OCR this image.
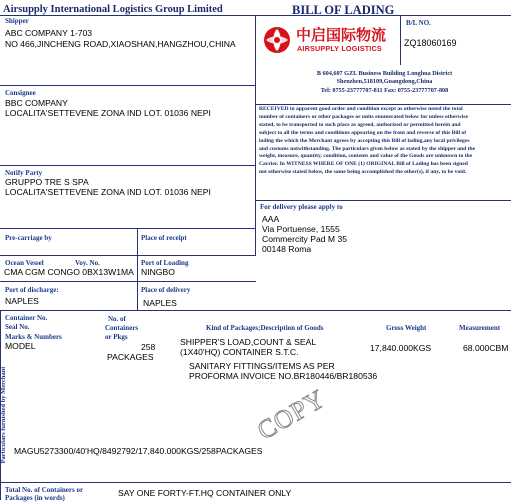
Airsupply International Logistics Group Limited	BILL OF LADING
B/L NO.
ZQ18060169
中启国际物流
AIRSUPPLY LOGISTICS
B 604,607 GZL Business Building Longhua District
Shenzhen,518109,Guangdong,China
Tel: 0755-23777707-811 Fax: 0755-23777707-808
Shipper
ABC COMPANY 1-703
NO 466,JINCHENG ROAD,XIAOSHAN,HANGZHOU,CHINA
Consignee
BBC COMPANY
LOCALITA'SETTEVENE ZONA IND LOT. 01036 NEPI
Notify Party
GRUPPO TRE S SPA
LOCALITA'SETTEVENE ZONA IND LOT. 01036 NEPI
RECEIVED in apparent good order and condition except as otherwise noted the total
number of containers or other packages or units enumerated below for unless otherwise
stated, to be transported to such place as agreed, authorized or permitted herein and
subject to all the terms and conditions appearing on the front and reverse of this Bill of
lading the which the Merchant agrees by accepting this Bill of lading,any local privileges
and customs notwithstanding. The particulars given below as stated by the shipper and the
weight, measure, quantity, condition, contents and value of the Goods are unknown to the
Carrier. In WITNESS WHERE OF ONE (1) ORIGINAL Bill of Lading has been signed
not otherwise stated below, the same being accomplished the other(s), if any, to be void.
For delivery please apply to
AAA
Via Portuense, 1555
Commercity Pad M 35
00148 Roma
Pre-carriage by	Place of receipt
Ocean Vessel	Voy. No.
CMA CGM CONGO 0BX13W1MA
Port of Loading
NINGBO
Port of discharge:
NAPLES
Place of delivery
NAPLES
Container No.
Seal No.
Marks & Numbers
No. of
Containers
or Pkgs
Kind of Packages;Description of Goods	Gross Weight	Measurement
MODEL	258
PACKAGES
SHIPPER'S LOAD,COUNT & SEAL
(1X40'HQ) CONTAINER S.T.C.
SANITARY FITTINGS/ITEMS AS PER
PROFORMA INVOICE NO.BR180446/BR180536
17,840.000KGS	68.000CBM
Particulars furnished by Merchant	COPY
MAGU5273300/40'HQ/8492792/17,840.000KGS/258PACKAGES
Total No. of Containers or
Packages (in words)	SAY ONE FORTY-FT.HQ CONTAINER ONLY
